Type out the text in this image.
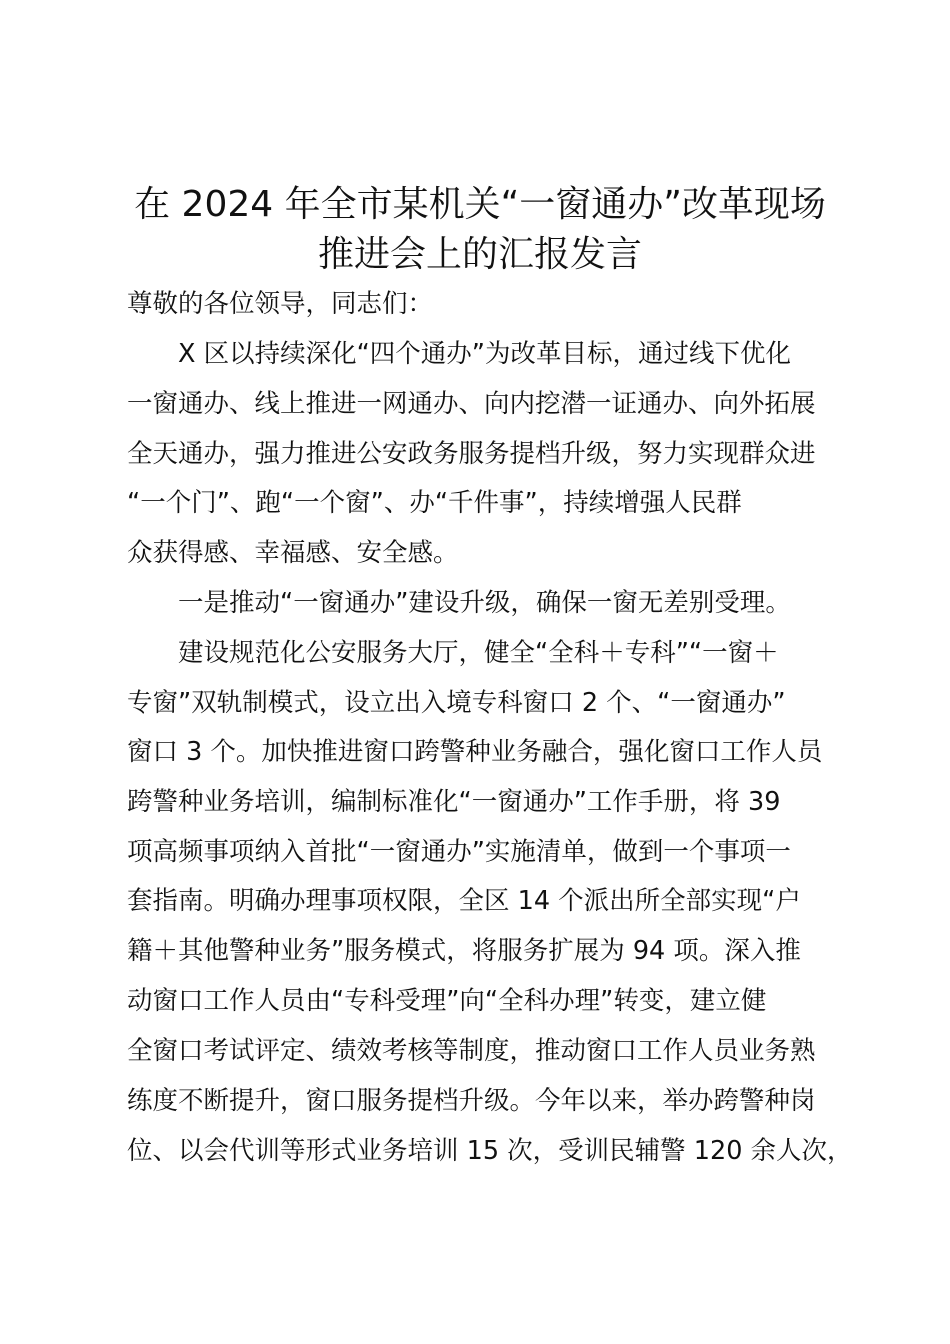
在 2024 年全市某机关“一窗通办”改革现场
推进会上的汇报发言

尊敬的各位领导，同志们：

X 区以持续深化“四个通办”为改革目标，通过线下优化

一窗通办、线上推进一网通办、向内挖潜一证通办、向外拓展

全天通办，强力推进公安政务服务提档升级，努力实现群众进

“一个门”、跑“一个窗”、办“千件事”，持续增强人民群

众获得感、幸福感、安全感。

一是推动“一窗通办”建设升级，确保一窗无差别受理。

建设规范化公安服务大厅，健全“全科＋专科”“一窗＋

专窗”双轨制模式，设立出入境专科窗口 2 个、“一窗通办”

窗口 3 个。加快推进窗口跨警种业务融合，强化窗口工作人员

跨警种业务培训，编制标准化“一窗通办”工作手册，将 39

项高频事项纳入首批“一窗通办”实施清单，做到一个事项一

套指南。明确办理事项权限，全区 14 个派出所全部实现“户

籍＋其他警种业务”服务模式，将服务扩展为 94 项。深入推

动窗口工作人员由“专科受理”向“全科办理”转变，建立健

全窗口考试评定、绩效考核等制度，推动窗口工作人员业务熟

练度不断提升，窗口服务提档升级。今年以来，举办跨警种岗

位、以会代训等形式业务培训 15 次，受训民辅警 120 余人次，
